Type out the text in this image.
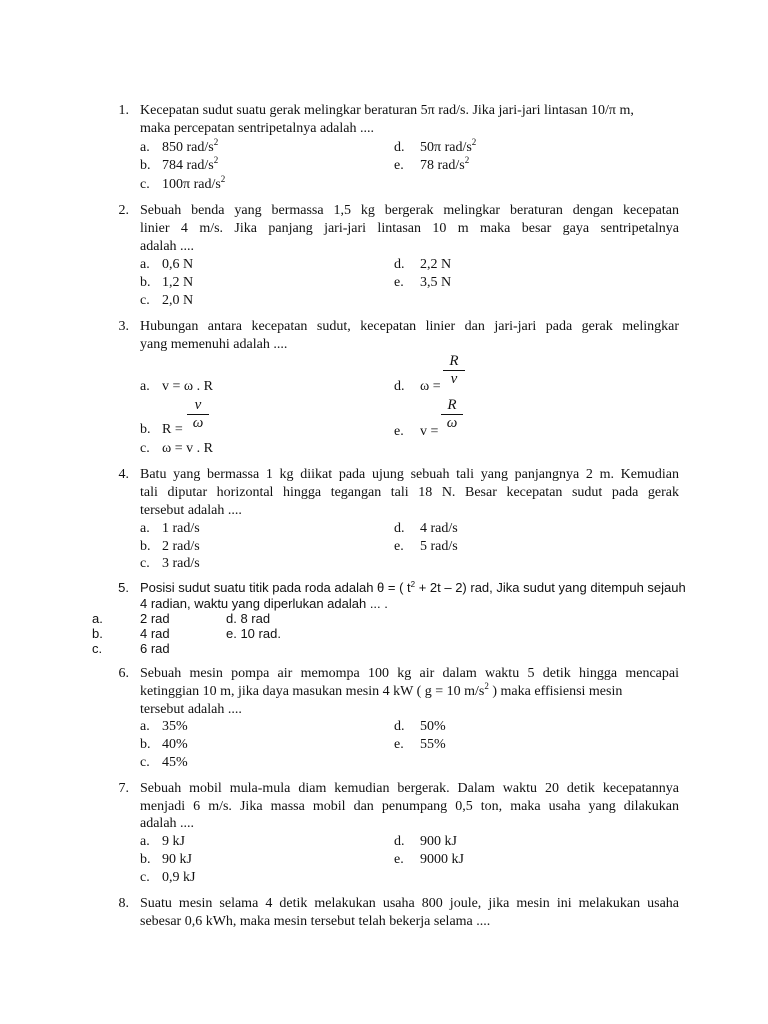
1. Kecepatan sudut suatu gerak melingkar beraturan 5π rad/s. Jika jari-jari lintasan 10/π m,
maka percepatan sentripetalnya adalah ....
a. 850 rad/$s^2$
b. 784 rad/$s^2$
c. 100π rad/$s^2$
d. 50π rad/$s^2$
e. 78 rad/$s^2$
2. Sebuah benda yang bermassa 1,5 kg bergerak melingkar beraturan dengan kecepatan
linier 4 m/s. Jika panjang jari-jari lintasan 10 m maka besar gaya sentripetalnya
adalah ....
a. 0,6 N
b. 1,2 N
c. 2,0 N
d. 2,2 N
e. 3,5 N
3. Hubungan antara kecepatan sudut, kecepatan linier dan jari-jari pada gerak melingkar
yang memenuhi adalah ....
a. v = ω . R
b. $R = \frac{v}{\omega}$
c. ω = v . R
d. $\omega = \frac{R}{v}$
e. $v = \frac{R}{\omega}$
4. Batu yang bermassa 1 kg diikat pada ujung sebuah tali yang panjangnya 2 m. Kemudian
tali diputar horizontal hingga tegangan tali 18 N. Besar kecepatan sudut pada gerak
tersebut adalah ....
a. 1 rad/s
b. 2 rad/s
c. 3 rad/s
d. 4 rad/s
e. 5 rad/s
5. Posisi sudut suatu titik pada roda adalah θ = ( $t^2 + 2t - 2$) rad, Jika sudut yang ditempuh sejauh
4 radian, waktu yang diperlukan adalah ... .
a.	2 rad	d. 8 rad
b.	4 rad	e. 10 rad.
c.	6 rad
6. Sebuah mesin pompa air memompa 100 kg air dalam waktu 5 detik hingga mencapai
ketinggian 10 m, jika daya masukan mesin 4 kW ( g = 10 $m/s^2$ ) maka effisiensi mesin
tersebut adalah ....
a. 35%
b. 40%
c. 45%
d. 50%
e. 55%
7. Sebuah mobil mula-mula diam kemudian bergerak. Dalam waktu 20 detik kecepatannya
menjadi 6 m/s. Jika massa mobil dan penumpang 0,5 ton, maka usaha yang dilakukan
adalah ....
a. 9 kJ
b. 90 kJ
c. 0,9 kJ
d. 900 kJ
e. 9000 kJ
8. Suatu mesin selama 4 detik melakukan usaha 800 joule, jika mesin ini melakukan usaha
sebesar 0,6 kWh, maka mesin tersebut telah bekerja selama ....
